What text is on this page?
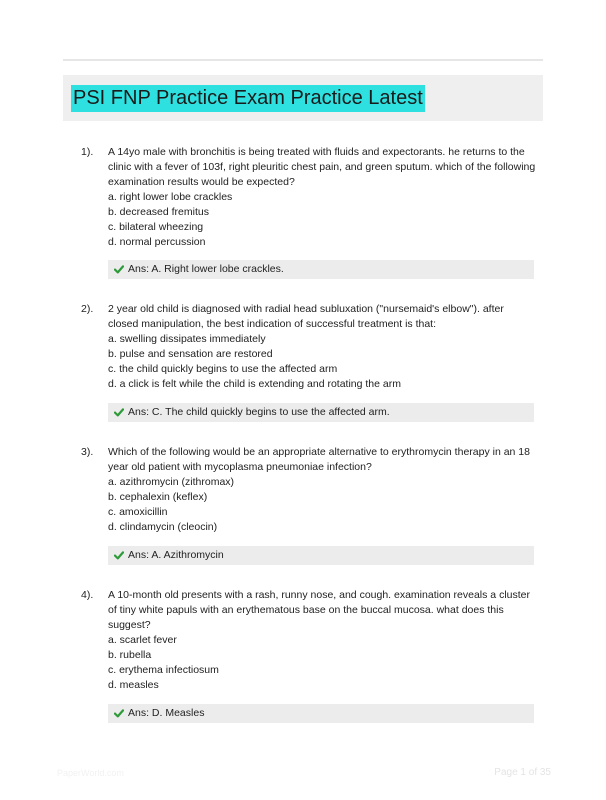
PSI FNP Practice Exam Practice Latest
1). A 14yo male with bronchitis is being treated with fluids and expectorants. he returns to the clinic with a fever of 103f, right pleuritic chest pain, and green sputum. which of the following examination results would be expected?

a. right lower lobe crackles

b. decreased fremitus

c. bilateral wheezing

d. normal percussion

Ans: A. Right lower lobe crackles.
2). 2 year old child is diagnosed with radial head subluxation ("nursemaid's elbow"). after closed manipulation, the best indication of successful treatment is that:

a. swelling dissipates immediately

b. pulse and sensation are restored

c. the child quickly begins to use the affected arm

d. a click is felt while the child is extending and rotating the arm

Ans: C. The child quickly begins to use the affected arm.
3). Which of the following would be an appropriate alternative to erythromycin therapy in an 18 year old patient with mycoplasma pneumoniae infection?

a. azithromycin (zithromax)

b. cephalexin (keflex)

c. amoxicillin

d. clindamycin (cleocin)

Ans: A. Azithromycin
4). A 10-month old presents with a rash, runny nose, and cough. examination reveals a cluster of tiny white papuls with an erythematous base on the buccal mucosa. what does this suggest?

a. scarlet fever

b. rubella

c. erythema infectiosum

d. measles

Ans: D. Measles
PaperWorld.com	Page 1 of 35
